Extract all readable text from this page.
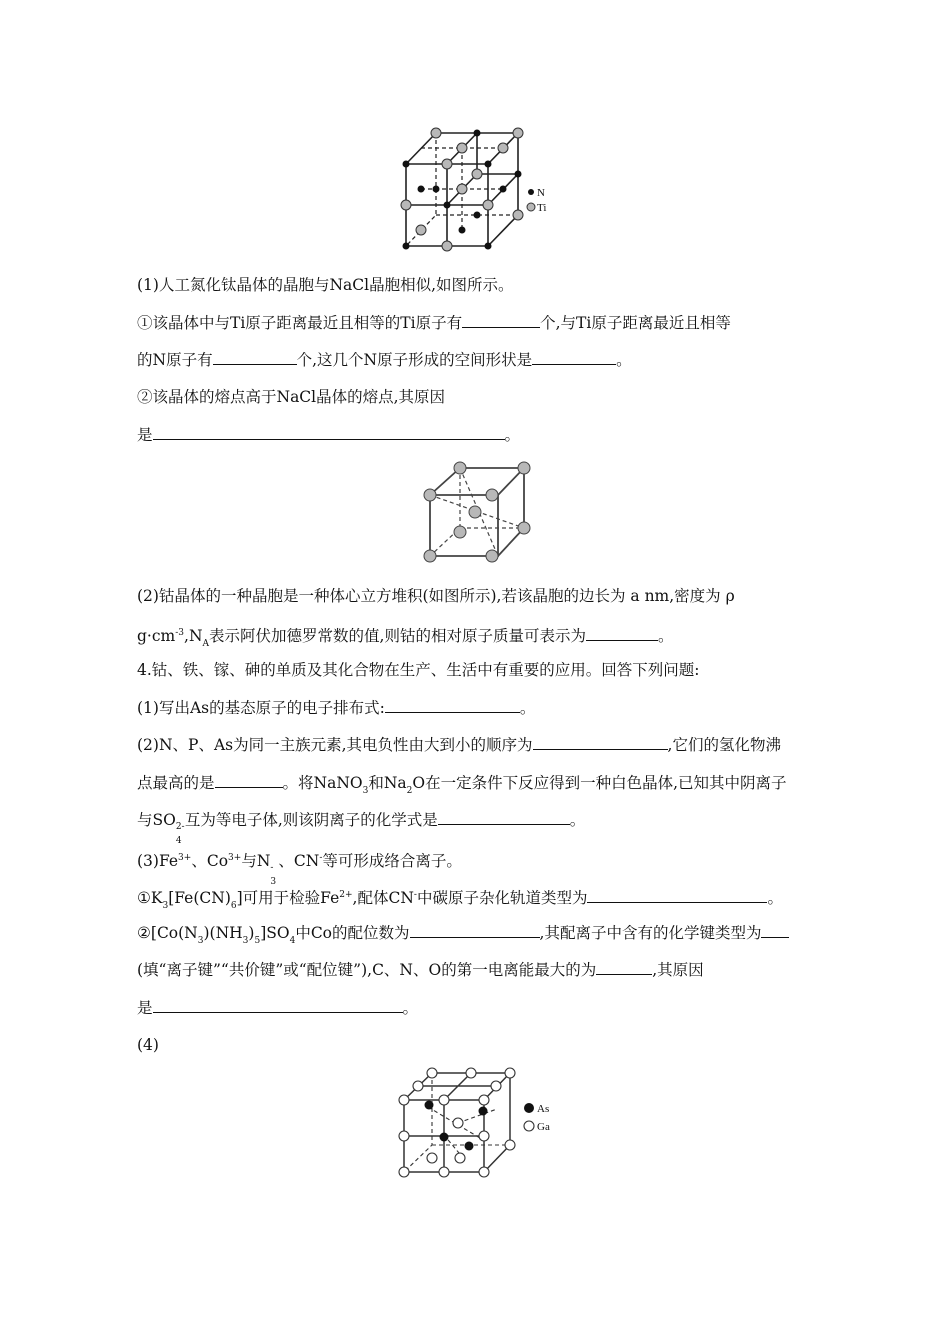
N
Ti
(1)人工氮化钛晶体的晶胞与NaCl晶胞相似,如图所示。
①该晶体中与Ti原子距离最近且相等的Ti原子有	个,与Ti原子距离最近且相等
的N原子有	个,这几个N原子形成的空间形状是	。
②该晶体的熔点高于NaCl晶体的熔点,其原因
是	。
(2)钴晶体的一种晶胞是一种体心立方堆积(如图所示),若该晶胞的边长为 a nm,密度为 ρ
$g\cdot cm^{-3},N_A$表示阿伏加德罗常数的值,则钴的相对原子质量可表示为	。
4.钴、铁、镓、砷的单质及其化合物在生产、生活中有重要的应用。回答下列问题:
(1)写出As的基态原子的电子排布式:	。
(2)N、P、As为同一主族元素,其电负性由大到小的顺序为	,它们的氢化物沸
点最高的是	。将NaNO$_3$和$Na_2O$在一定条件下反应得到一种白色晶体,已知其中阴离子
与SO 2-
4
互为等电子体,则该阴离子的化学式是	。
$(3)Fe^{3+}$、$Co^{3+}$与N -
3
、CN-等可形成络合离子。
$①K_3[Fe(CN)_6]$可用于检验$Fe^{2+}$,配体CN-中碳原子杂化轨道类型为	。
$②[Co(N_3)(NH_3)_5]SO_4$中Co的配位数为	,其配离子中含有的化学键类型为
(填“离子键”“共价键”或“配位键”),C、N、O的第一电离能最大的为	,其原因
是	。
(4)
As
Ga
